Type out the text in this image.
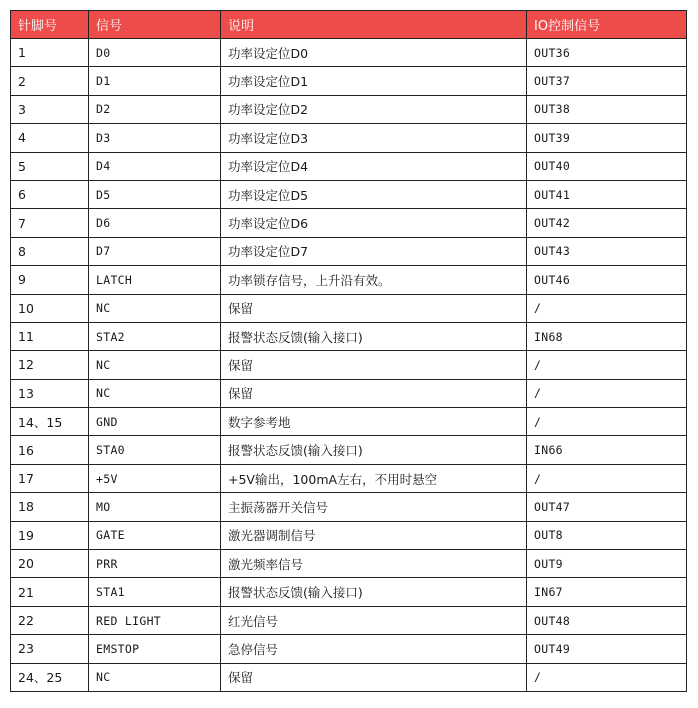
针脚号	信号	说明	IO控制信号
1	D0	功率设定位D0	OUT36
2	D1	功率设定位D1	OUT37
3	D2	功率设定位D2	OUT38
4	D3	功率设定位D3	OUT39
5	D4	功率设定位D4	OUT40
6	D5	功率设定位D5	OUT41
7	D6	功率设定位D6	OUT42
8	D7	功率设定位D7	OUT43
9	LATCH	功率锁存信号，上升沿有效。	OUT46
10	NC	保留	/
11	STA2	报警状态反馈(输入接口)	IN68
12	NC	保留	/
13	NC	保留	/
14、15	GND	数字参考地	/
16	STA0	报警状态反馈(输入接口)	IN66
17	+5V	+5V输出，100mA左右，不用时悬空	/
18	MO	主振荡器开关信号	OUT47
19	GATE	激光器调制信号	OUT8
20	PRR	激光频率信号	OUT9
21	STA1	报警状态反馈(输入接口)	IN67
22	RED LIGHT	红光信号	OUT48
23	EMSTOP	急停信号	OUT49
24、25	NC	保留	/
